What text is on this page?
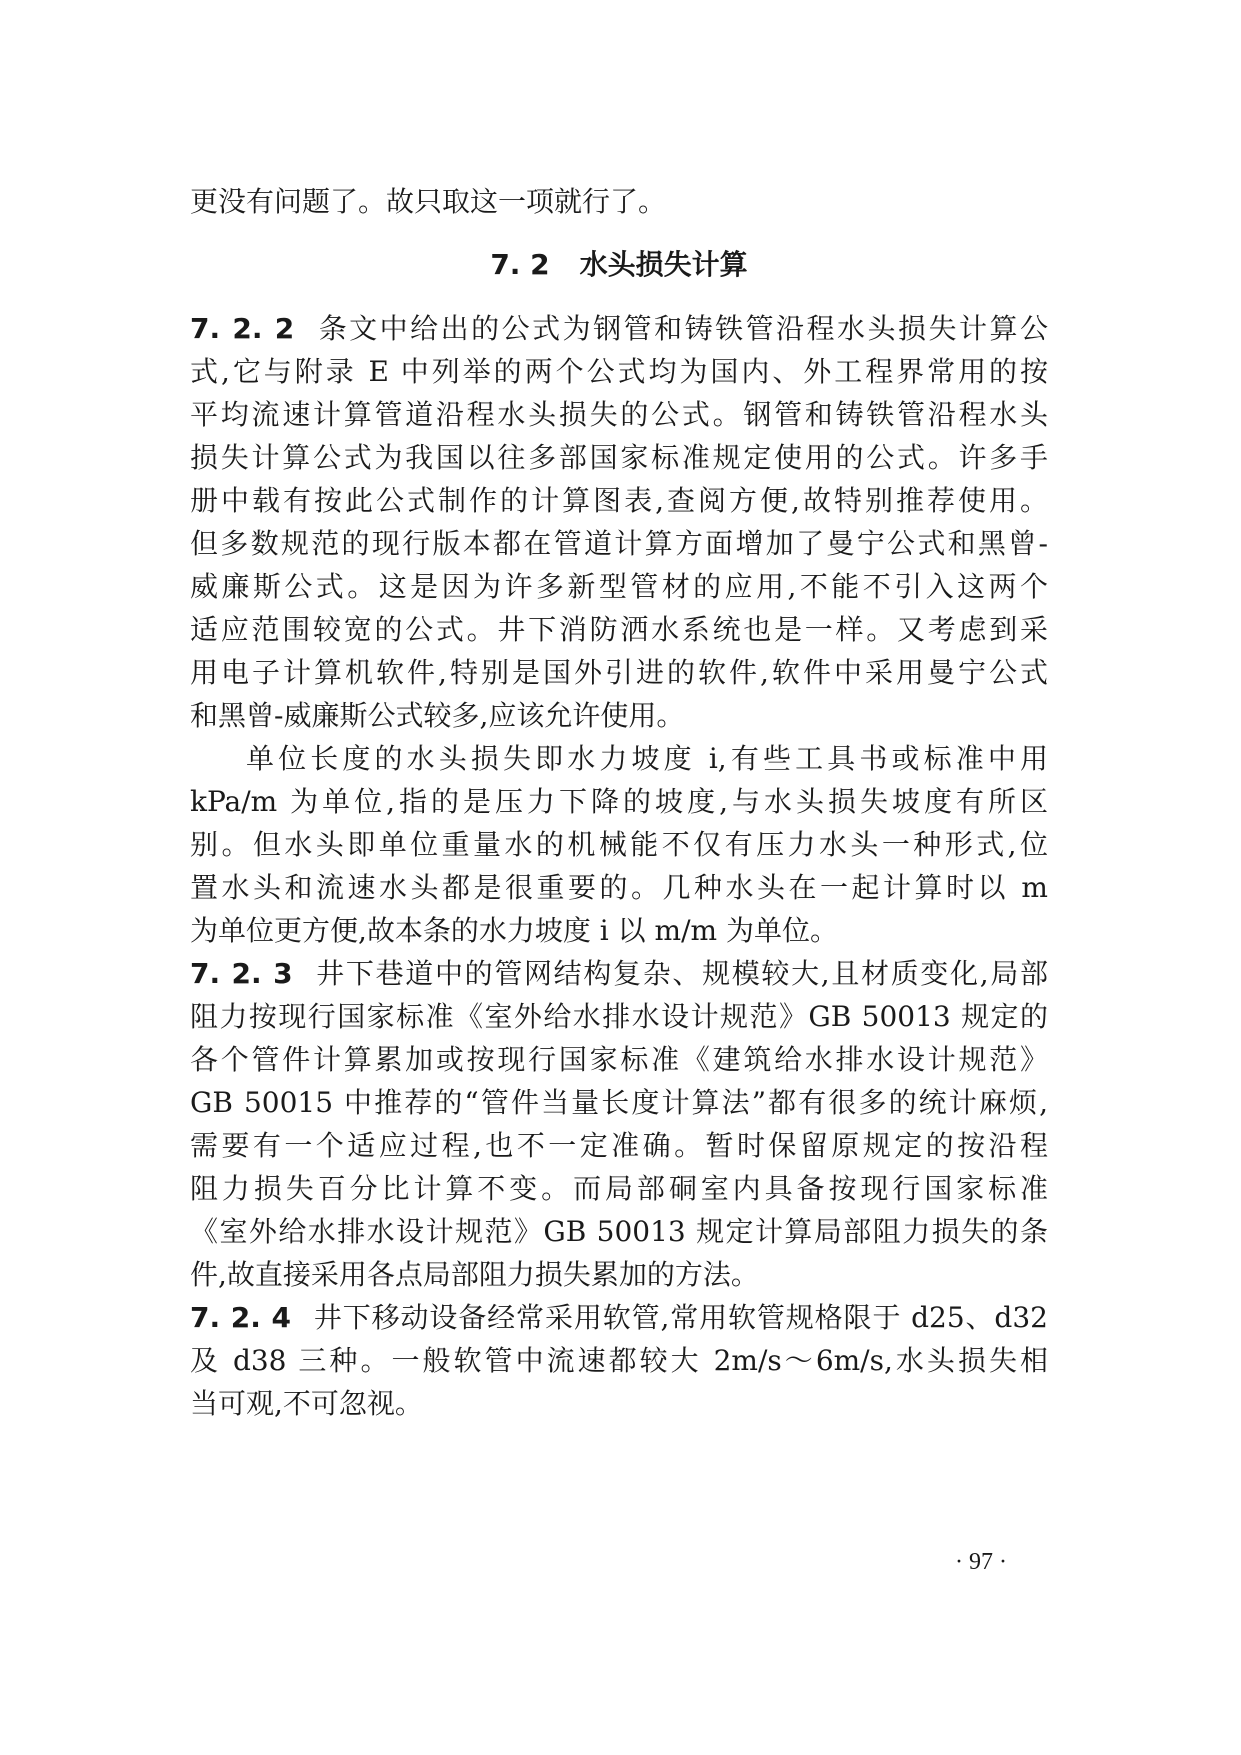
更没有问题了。故只取这一项就行了。
7. 2 水头损失计算
7. 2. 2 条文中给出的公式为钢管和铸铁管沿程水头损失计算公
式,它与附录 E 中列举的两个公式均为国内、外工程界常用的按
平均流速计算管道沿程水头损失的公式。钢管和铸铁管沿程水头
损失计算公式为我国以往多部国家标准规定使用的公式。许多手
册中载有按此公式制作的计算图表,查阅方便,故特别推荐使用。
但多数规范的现行版本都在管道计算方面增加了曼宁公式和黑曾-
威廉斯公式。这是因为许多新型管材的应用,不能不引入这两个
适应范围较宽的公式。井下消防洒水系统也是一样。又考虑到采
用电子计算机软件,特别是国外引进的软件,软件中采用曼宁公式
和黑曾-威廉斯公式较多,应该允许使用。
单位长度的水头损失即水力坡度 i,有些工具书或标准中用
kPa/m 为单位,指的是压力下降的坡度,与水头损失坡度有所区
别。但水头即单位重量水的机械能不仅有压力水头一种形式,位
置水头和流速水头都是很重要的。几种水头在一起计算时以 m
为单位更方便,故本条的水力坡度 i 以 m/m 为单位。
7. 2. 3 井下巷道中的管网结构复杂、规模较大,且材质变化,局部
阻力按现行国家标准《室外给水排水设计规范》GB 50013 规定的
各个管件计算累加或按现行国家标准《建筑给水排水设计规范》
GB 50015 中推荐的“管件当量长度计算法”都有很多的统计麻烦,
需要有一个适应过程,也不一定准确。暂时保留原规定的按沿程
阻力损失百分比计算不变。而局部硐室内具备按现行国家标准
《室外给水排水设计规范》GB 50013 规定计算局部阻力损失的条
件,故直接采用各点局部阻力损失累加的方法。
7. 2. 4 井下移动设备经常采用软管,常用软管规格限于 d25、d32
及 d38 三种。一般软管中流速都较大 2m/s～6m/s,水头损失相
当可观,不可忽视。
· 97 ·
